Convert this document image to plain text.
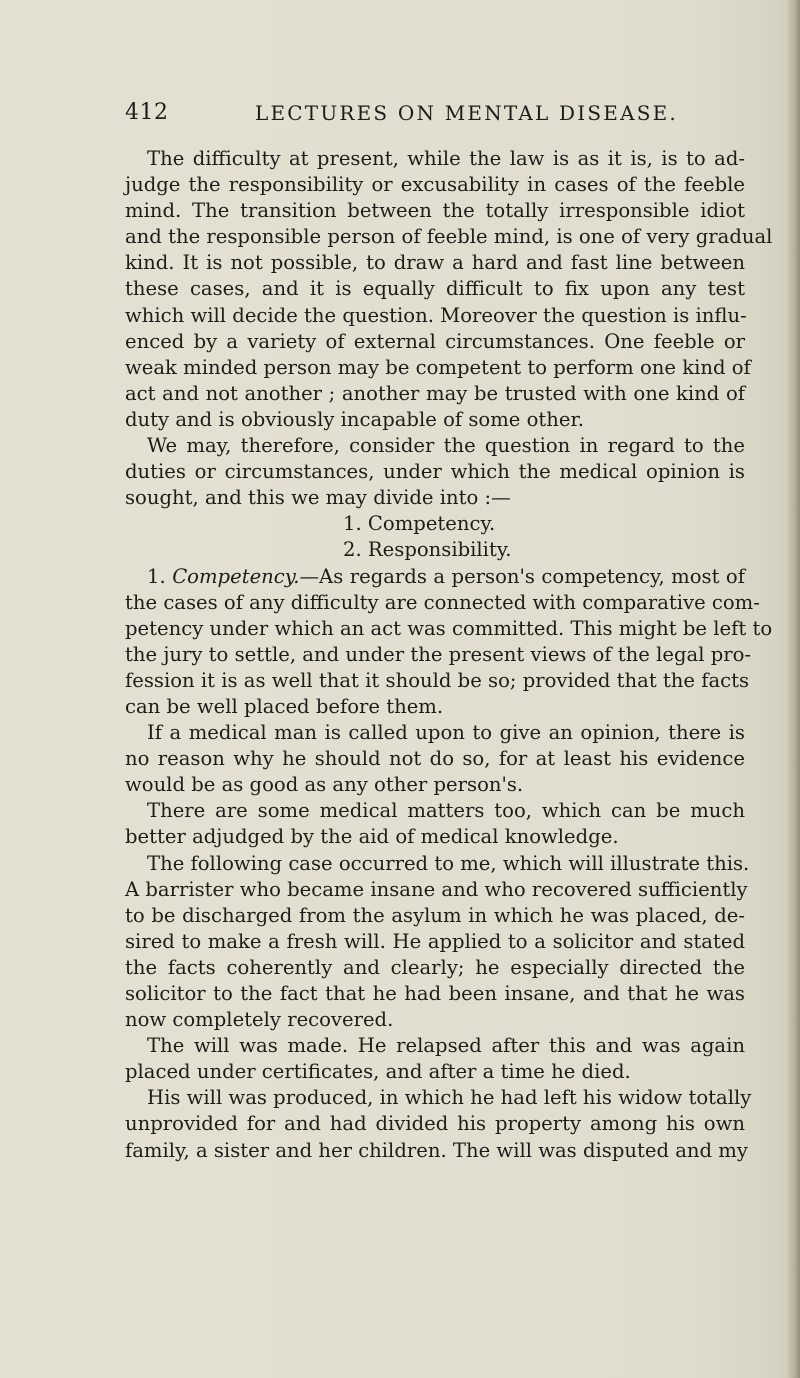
412	LECTURES ON MENTAL DISEASE.
The difficulty at present, while the law is as it is, is to ad-
judge the responsibility or excusability in cases of the feeble
mind. The transition between the totally irresponsible idiot
and the responsible person of feeble mind, is one of very gradual
kind. It is not possible, to draw a hard and fast line between
these cases, and it is equally difficult to fix upon any test
which will decide the question. Moreover the question is influ-
enced by a variety of external circumstances. One feeble or
weak minded person may be competent to perform one kind of
act and not another ; another may be trusted with one kind of
duty and is obviously incapable of some other.
We may, therefore, consider the question in regard to the
duties or circumstances, under which the medical opinion is
sought, and this we may divide into :—
1. Competency.
2. Responsibility.
1. Competency.—As regards a person's competency, most of
the cases of any difficulty are connected with comparative com-
petency under which an act was committed. This might be left to
the jury to settle, and under the present views of the legal pro-
fession it is as well that it should be so; provided that the facts
can be well placed before them.
If a medical man is called upon to give an opinion, there is
no reason why he should not do so, for at least his evidence
would be as good as any other person's.
There are some medical matters too, which can be much
better adjudged by the aid of medical knowledge.
The following case occurred to me, which will illustrate this.
A barrister who became insane and who recovered sufficiently
to be discharged from the asylum in which he was placed, de-
sired to make a fresh will. He applied to a solicitor and stated
the facts coherently and clearly; he especially directed the
solicitor to the fact that he had been insane, and that he was
now completely recovered.
The will was made. He relapsed after this and was again
placed under certificates, and after a time he died.
His will was produced, in which he had left his widow totally
unprovided for and had divided his property among his own
family, a sister and her children. The will was disputed and my
